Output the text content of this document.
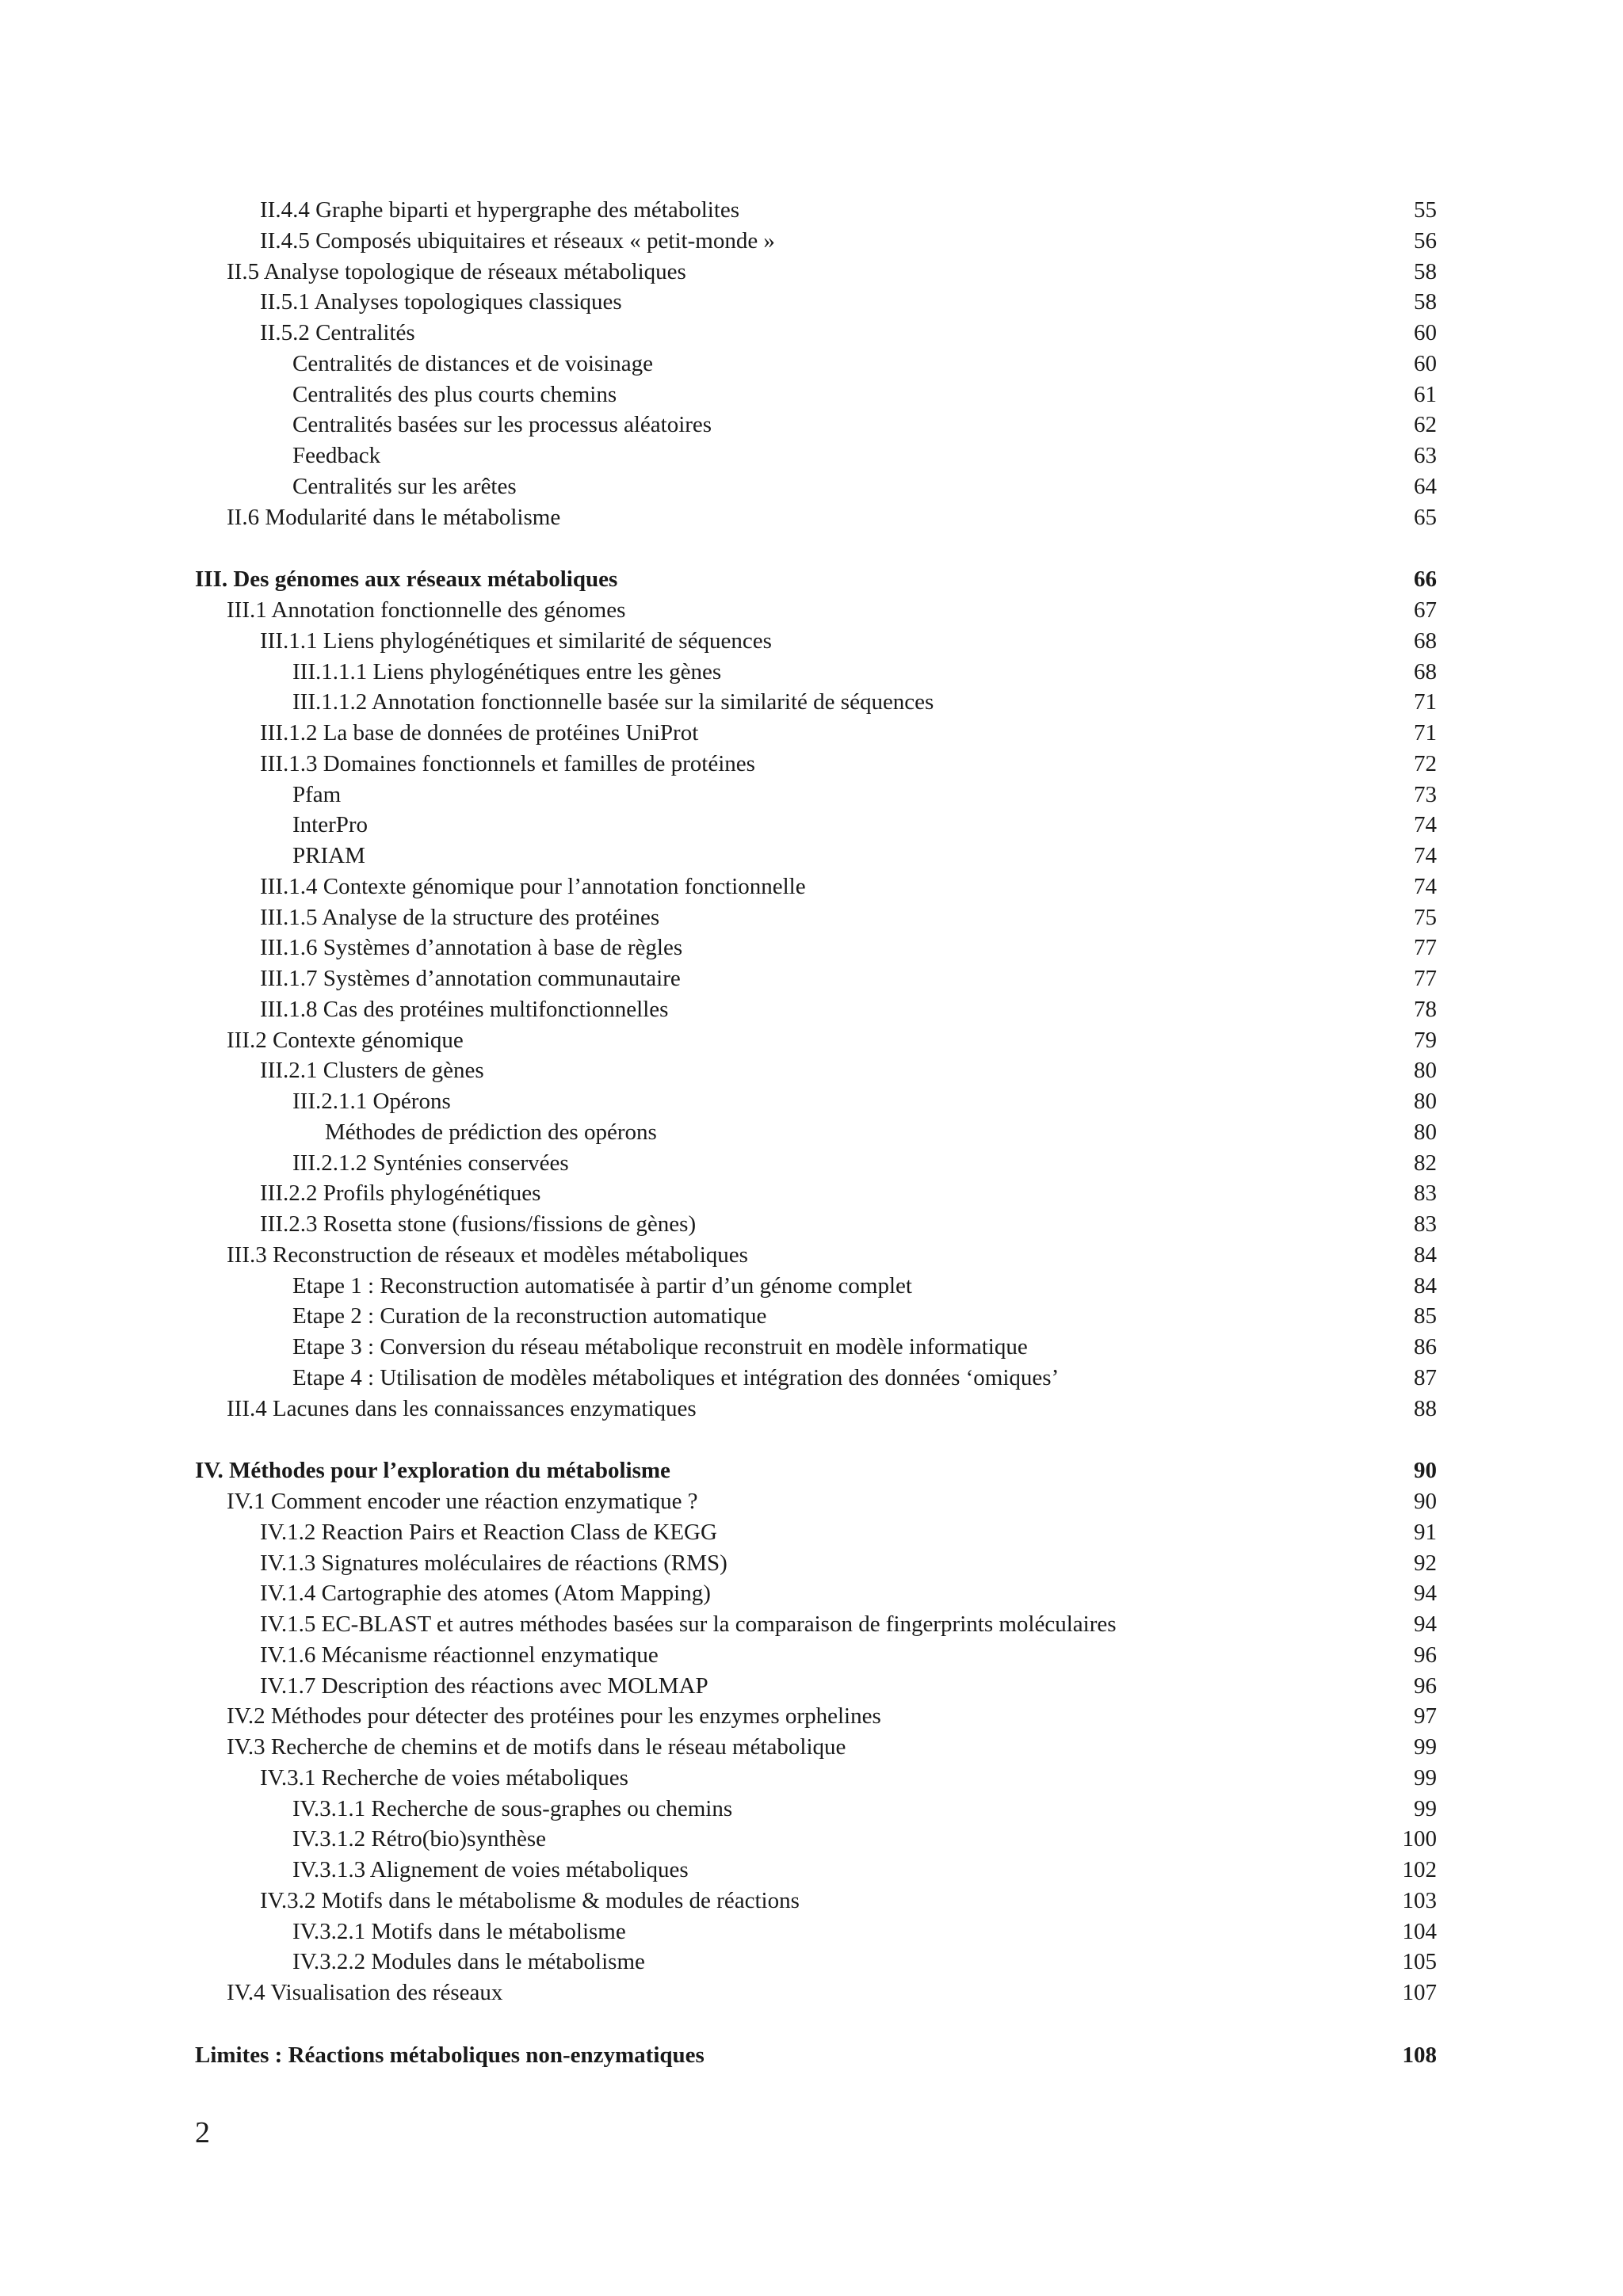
II.4.4 Graphe biparti et hypergraphe des métabolites	55
II.4.5 Composés ubiquitaires et réseaux « petit-monde »	56
II.5 Analyse topologique de réseaux métaboliques	58
II.5.1 Analyses topologiques classiques	58
II.5.2 Centralités	60
Centralités de distances et de voisinage	60
Centralités des plus courts chemins	61
Centralités basées sur les processus aléatoires	62
Feedback	63
Centralités sur les arêtes	64
II.6 Modularité dans le métabolisme	65
III. Des génomes aux réseaux métaboliques	66
III.1 Annotation fonctionnelle des génomes	67
III.1.1 Liens phylogénétiques et similarité de séquences	68
III.1.1.1 Liens phylogénétiques entre les gènes	68
III.1.1.2 Annotation fonctionnelle basée sur la similarité de séquences	71
III.1.2 La base de données de protéines UniProt	71
III.1.3 Domaines fonctionnels et familles de protéines	72
Pfam	73
InterPro	74
PRIAM	74
III.1.4 Contexte génomique pour l’annotation fonctionnelle	74
III.1.5 Analyse de la structure des protéines	75
III.1.6 Systèmes d’annotation à base de règles	77
III.1.7 Systèmes d’annotation communautaire	77
III.1.8 Cas des protéines multifonctionnelles	78
III.2 Contexte génomique	79
III.2.1 Clusters de gènes	80
III.2.1.1 Opérons	80
Méthodes de prédiction des opérons	80
III.2.1.2 Synténies conservées	82
III.2.2 Profils phylogénétiques	83
III.2.3 Rosetta stone (fusions/fissions de gènes)	83
III.3 Reconstruction de réseaux et modèles métaboliques	84
Etape 1 : Reconstruction automatisée à partir d’un génome complet	84
Etape 2 : Curation de la reconstruction automatique	85
Etape 3 : Conversion du réseau métabolique reconstruit en modèle informatique	86
Etape 4 : Utilisation de modèles métaboliques et intégration des données ‘omiques’	87
III.4 Lacunes dans les connaissances enzymatiques	88
IV. Méthodes pour l’exploration du métabolisme	90
IV.1 Comment encoder une réaction enzymatique ?	90
IV.1.2 Reaction Pairs et Reaction Class de KEGG	91
IV.1.3 Signatures moléculaires de réactions (RMS)	92
IV.1.4 Cartographie des atomes (Atom Mapping)	94
IV.1.5 EC-BLAST et autres méthodes basées sur la comparaison de fingerprints moléculaires	94
IV.1.6 Mécanisme réactionnel enzymatique	96
IV.1.7 Description des réactions avec MOLMAP	96
IV.2 Méthodes pour détecter des protéines pour les enzymes orphelines	97
IV.3 Recherche de chemins et de motifs dans le réseau métabolique	99
IV.3.1 Recherche de voies métaboliques	99
IV.3.1.1 Recherche de sous-graphes ou chemins	99
IV.3.1.2 Rétro(bio)synthèse	100
IV.3.1.3 Alignement de voies métaboliques	102
IV.3.2 Motifs dans le métabolisme & modules de réactions	103
IV.3.2.1 Motifs dans le métabolisme	104
IV.3.2.2 Modules dans le métabolisme	105
IV.4 Visualisation des réseaux	107
Limites : Réactions métaboliques non-enzymatiques	108
2
